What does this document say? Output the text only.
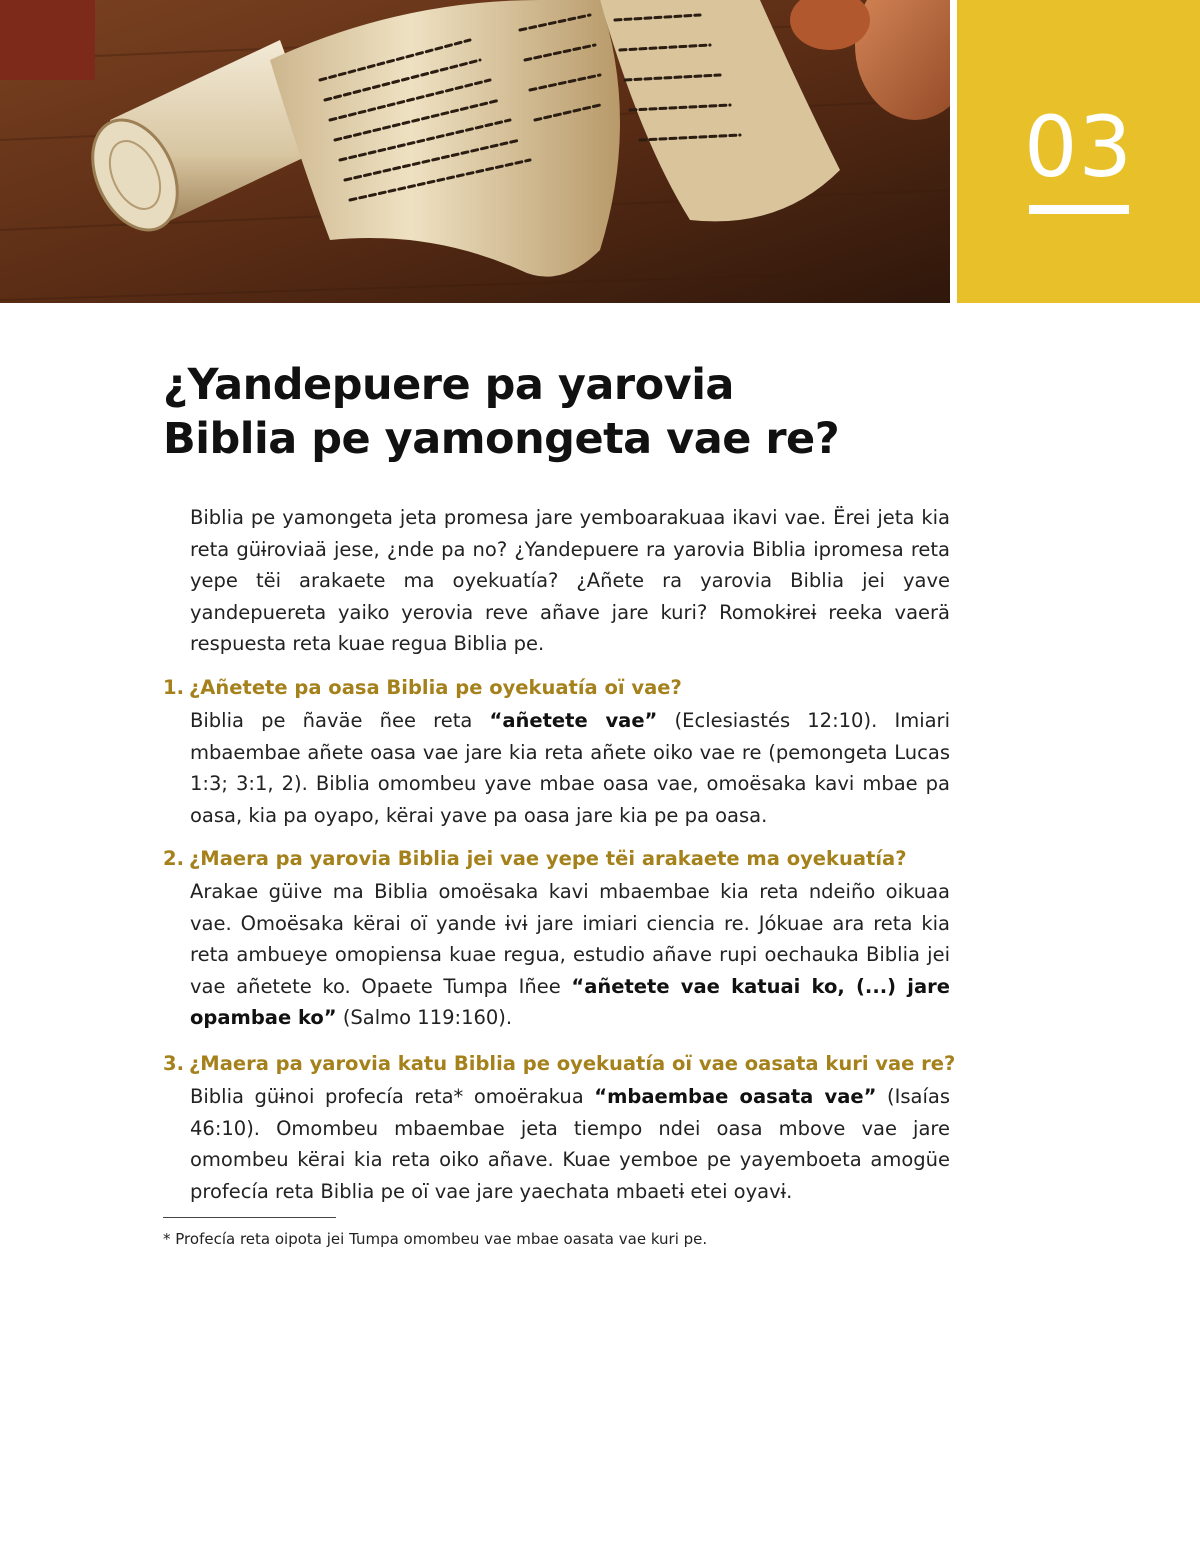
03
¿Yandepuere pa yarovia
Biblia pe yamongeta vae re?

Biblia pe yamongeta jeta promesa jare yemboarakuaa ikavi vae. Ërei jeta kia reta güɨroviaä jese, ¿nde pa no? ¿Yandepuere ra yarovia Biblia ipromesa reta yepe tëi arakaete ma oyekuatía? ¿Añete ra yarovia Biblia jei yave yandepuereta yaiko yerovia reve añave jare kuri? Romokɨreɨ reeka vaerä respuesta reta kuae regua Biblia pe.

1. ¿Añetete pa oasa Biblia pe oyekuatía oï vae?

Biblia pe ñaväe ñee reta “añetete vae” (Eclesiastés 12:10). Imiari mbaembae añete oasa vae jare kia reta añete oiko vae re (pemongeta Lucas 1:3; 3:1, 2). Biblia omombeu yave mbae oasa vae, omoësaka kavi mbae pa oasa, kia pa oyapo, kërai yave pa oasa jare kia pe pa oasa.

2. ¿Maera pa yarovia Biblia jei vae yepe tëi arakaete ma oyekuatía?

Arakae güive ma Biblia omoësaka kavi mbaembae kia reta ndeiño oikuaa vae. Omoësaka kërai oï yande ɨvɨ jare imiari ciencia re. Jókuae ara reta kia reta ambueye omopiensa kuae regua, estudio añave rupi oechauka Biblia jei vae añetete ko. Opaete Tumpa Iñee “añetete vae katuai ko, (...) jare opambae ko” (Salmo 119:160).

3. ¿Maera pa yarovia katu Biblia pe oyekuatía oï vae oasata kuri vae re?

Biblia güɨnoi profecía reta* omoërakua “mbaembae oasata vae” (Isaías 46:10). Omombeu mbaembae jeta tiempo ndei oasa mbove vae jare omombeu kërai kia reta oiko añave. Kuae yemboe pe yayemboeta amogüe profecía reta Biblia pe oï vae jare yaechata mbaetɨ etei oyavɨ.

* Profecía reta oipota jei Tumpa omombeu vae mbae oasata vae kuri pe.
